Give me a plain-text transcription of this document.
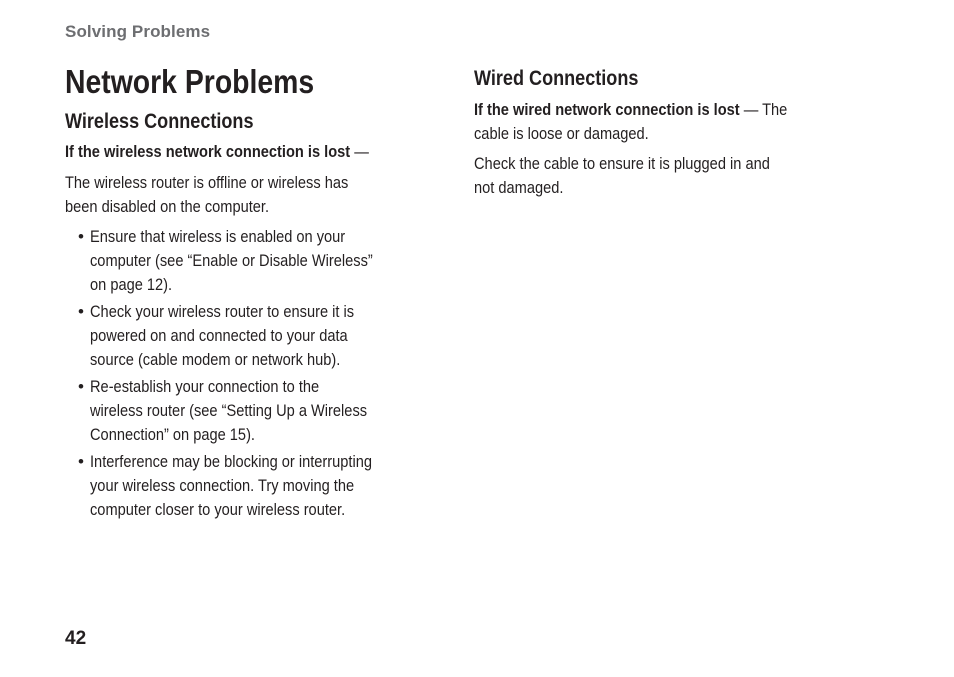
Solving Problems
Network Problems
Wireless Connections

If the wireless network connection is lost —

The wireless router is offline or wireless has
been disabled on the computer.

• Ensure that wireless is enabled on your
computer (see “Enable or Disable Wireless”
on page 12).
• Check your wireless router to ensure it is
powered on and connected to your data
source (cable modem or network hub).
• Re-establish your connection to the
wireless router (see “Setting Up a Wireless
Connection” on page 15).
• Interference may be blocking or interrupting
your wireless connection. Try moving the
computer closer to your wireless router.
Wired Connections

If the wired network connection is lost — The
cable is loose or damaged.

Check the cable to ensure it is plugged in and
not damaged.

42
